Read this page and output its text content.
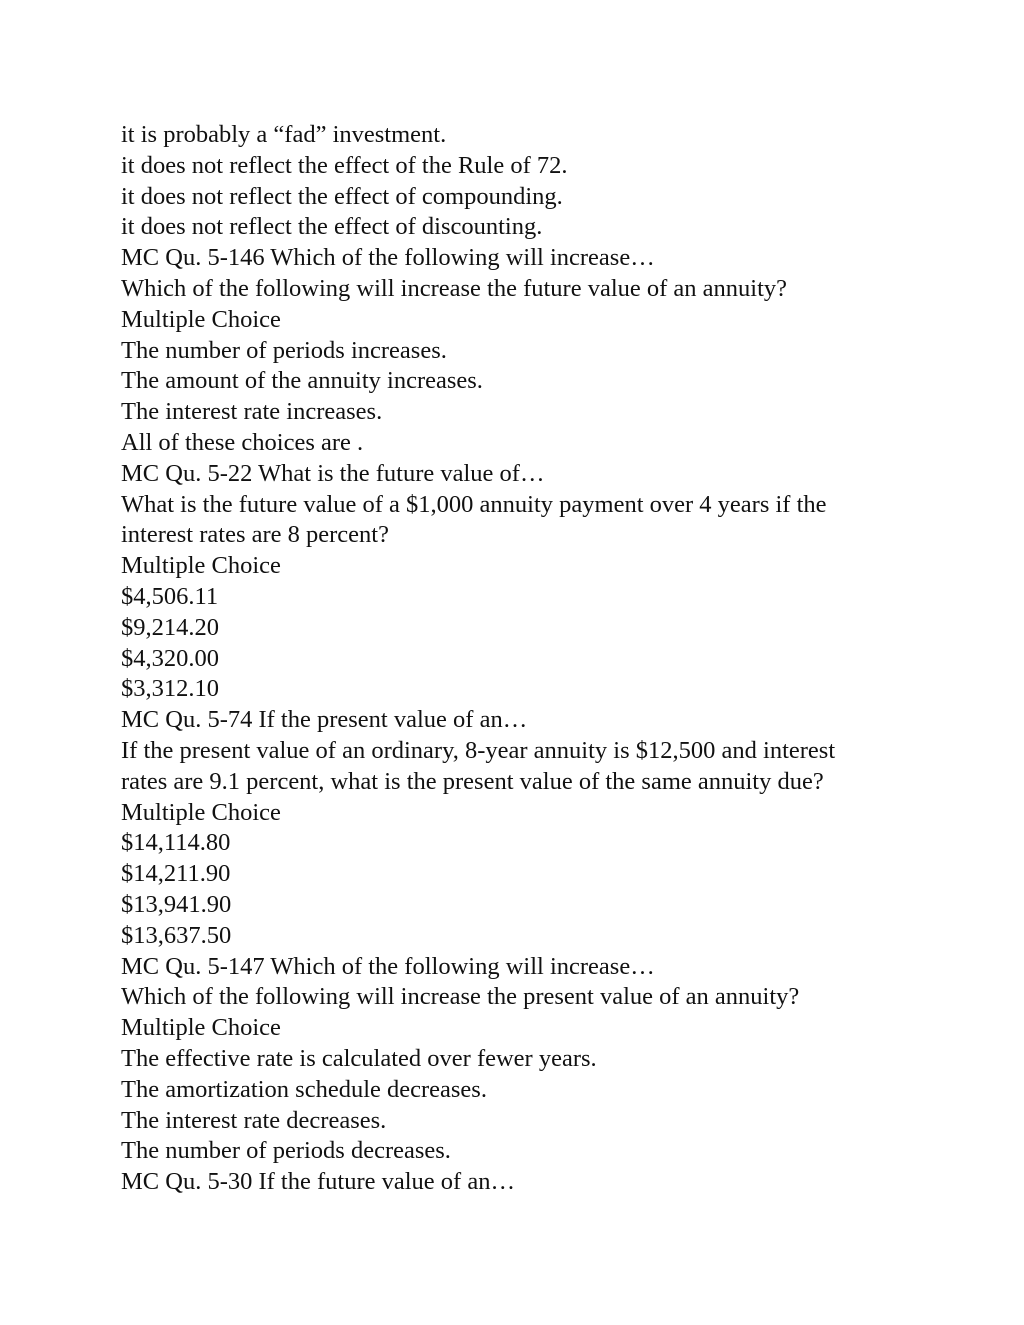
it is probably a “fad” investment.
it does not reflect the effect of the Rule of 72.
it does not reflect the effect of compounding.
it does not reflect the effect of discounting.
MC Qu. 5-146 Which of the following will increase…
Which of the following will increase the future value of an annuity?
Multiple Choice
The number of periods increases.
The amount of the annuity increases.
The interest rate increases.
All of these choices are .
MC Qu. 5-22 What is the future value of…
What is the future value of a $1,000 annuity payment over 4 years if the
interest rates are 8 percent?
Multiple Choice
$4,506.11
$9,214.20
$4,320.00
$3,312.10
MC Qu. 5-74 If the present value of an…
If the present value of an ordinary, 8-year annuity is $12,500 and interest
rates are 9.1 percent, what is the present value of the same annuity due?
Multiple Choice
$14,114.80
$14,211.90
$13,941.90
$13,637.50
MC Qu. 5-147 Which of the following will increase…
Which of the following will increase the present value of an annuity?
Multiple Choice
The effective rate is calculated over fewer years.
The amortization schedule decreases.
The interest rate decreases.
The number of periods decreases.
MC Qu. 5-30 If the future value of an…
